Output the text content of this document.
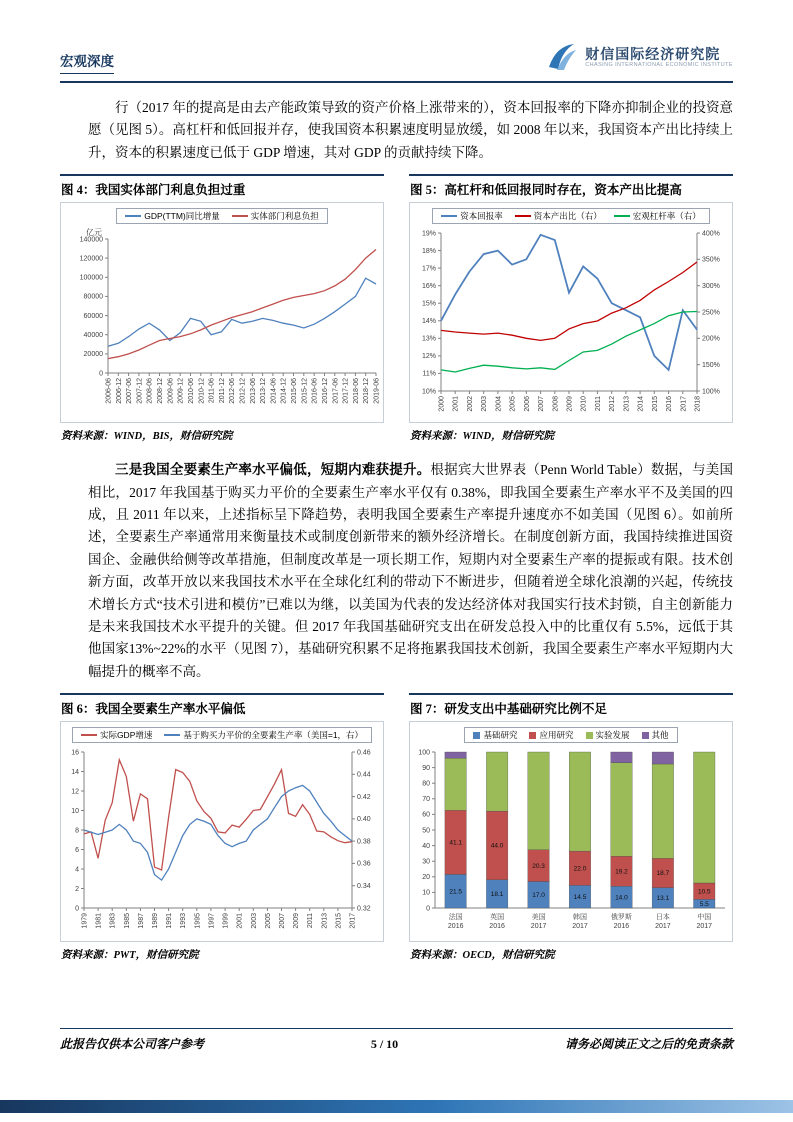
宏观深度	财信国际经济研究院
CHASING INTERNATIONAL ECONOMIC INSTITUTE

行（2017 年的提高是由去产能政策导致的资产价格上涨带来的），资本回报率的下降亦抑制企业的投资意愿（见图 5）。高杠杆和低回报并存，使我国资本积累速度明显放缓，如 2008 年以来，我国资本产出比持续上升，资本的积累速度已低于 GDP 增速，其对 GDP 的贡献持续下降。

图 4：我国实体部门利息负担过重
GDP(TTM)同比增量	实体部门利息负担
0
20000
40000
60000
80000
100000
120000
140000
2006-06 2006-12 2007-06 2007-12 2008-06 2008-12 2009-06 2009-12 2010-06 2010-12 2011-06 2011-12 2012-06 2012-12 2013-06 2013-12 2014-06 2014-12 2015-06 2015-12 2016-06 2016-12 2017-06 2017-12 2018-06 2018-12 2019-06
亿元
资料来源：WIND，BIS，财信研究院
图 5：高杠杆和低回报同时存在，资本产出比提高
资本回报率	资本产出比（右）	宏观杠杆率（右）
10%
11%
12%
13%
14%
15%
16%
17%
18%
19%
100%
150%
200%
250%
300%
350%
400%
2000 2001 2002 2003 2004 2005 2006 2007 2008 2009 2010 2011 2012 2013 2014 2015 2016 2017 2018
资料来源：WIND，财信研究院

三是我国全要素生产率水平偏低，短期内难获提升。根据宾大世界表（Penn World Table）数据，与美国相比，2017 年我国基于购买力平价的全要素生产率水平仅有 0.38%，即我国全要素生产率水平不及美国的四成，且 2011 年以来，上述指标呈下降趋势，表明我国全要素生产率提升速度亦不如美国（见图 6）。如前所述，全要素生产率通常用来衡量技术或制度创新带来的额外经济增长。在制度创新方面，我国持续推进国资国企、金融供给侧等改革措施，但制度改革是一项长期工作，短期内对全要素生产率的提振或有限。技术创新方面，改革开放以来我国技术水平在全球化红利的带动下不断进步，但随着逆全球化浪潮的兴起，传统技术增长方式“技术引进和模仿”已难以为继，以美国为代表的发达经济体对我国实行技术封锁，自主创新能力是未来我国技术水平提升的关键。但 2017 年我国基础研究支出在研发总投入中的比重仅有 5.5%，远低于其他国家13%~22%的水平（见图 7），基础研究积累不足将拖累我国技术创新，我国全要素生产率水平短期内大幅提升的概率不高。

图 6：我国全要素生产率水平偏低
实际GDP增速	基于购买力平价的全要素生产率（美国=1，右）
0
2
4
6
8
10
12
14
16
0.32
0.34
0.36
0.38
0.40
0.42
0.44
0.46
1979 1981 1983 1985 1987 1989 1991 1993 1995 1997 1999 2001 2003 2005 2007 2009 2011 2013 2015 2017
资料来源：PWT，财信研究院
图 7：研发支出中基础研究比例不足
基础研究	应用研究	实验发展	其他
0
10
20
30
40
50
60
70
80
90
100
21.5
41.1
法国
2016
18.1
44.0
英国
2016
17.0
20.3
美国
2017
14.5
22.0
韩国
2017
14.0
19.2
俄罗斯
2016
13.1
18.7
日本
2017
5.5
10.5
中国
2017
资料来源：OECD，财信研究院
此报告仅供本公司客户参考	5 / 10	请务必阅读正文之后的免责条款
